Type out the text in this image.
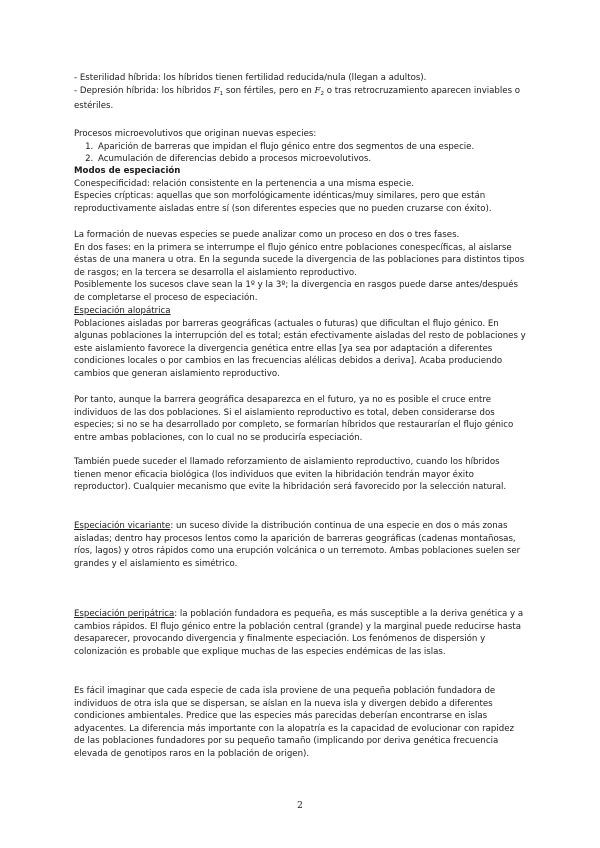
- Esterilidad híbrida: los híbridos tienen fertilidad reducida/nula (llegan a adultos).

- Depresión híbrida: los híbridos $F_1$ son fértiles, pero en $F_2$ o tras retrocruzamiento aparecen inviables o estériles.

Procesos microevolutivos que originan nuevas especies:

1. Aparición de barreras que impidan el flujo génico entre dos segmentos de una especie.
2. Acumulación de diferencias debido a procesos microevolutivos.

Modos de especiación

Conespecificidad: relación consistente en la pertenencia a una misma especie.

Especies crípticas: aquellas que son morfológicamente idénticas/muy similares, pero que están reproductivamente aisladas entre sí (son diferentes especies que no pueden cruzarse con éxito).

La formación de nuevas especies se puede analizar como un proceso en dos o tres fases.

En dos fases: en la primera se interrumpe el flujo génico entre poblaciones conespecíficas, al aislarse éstas de una manera u otra. En la segunda sucede la divergencia de las poblaciones para distintos tipos de rasgos; en la tercera se desarrolla el aislamiento reproductivo.

Posiblemente los sucesos clave sean la 1º y la 3º; la divergencia en rasgos puede darse antes/después de completarse el proceso de especiación.

Especiación alopátrica

Poblaciones aisladas por barreras geográficas (actuales o futuras) que dificultan el flujo génico. En algunas poblaciones la interrupción del es total; están efectivamente aisladas del resto de poblaciones y este aislamiento favorece la divergencia genética entre ellas [ya sea por adaptación a diferentes condiciones locales o por cambios en las frecuencias alélicas debidos a deriva]. Acaba produciendo cambios que generan aislamiento reproductivo.

Por tanto, aunque la barrera geográfica desaparezca en el futuro, ya no es posible el cruce entre individuos de las dos poblaciones. Si el aislamiento reproductivo es total, deben considerarse dos especies; si no se ha desarrollado por completo, se formarían híbridos que restaurarían el flujo génico entre ambas poblaciones, con lo cual no se produciría especiación.

También puede suceder el llamado reforzamiento de aislamiento reproductivo, cuando los híbridos tienen menor eficacia biológica (los individuos que eviten la hibridación tendrán mayor éxito reproductor). Cualquier mecanismo que evite la hibridación será favorecido por la selección natural.

Especiación vicariante: un suceso divide la distribución continua de una especie en dos o más zonas aisladas; dentro hay procesos lentos como la aparición de barreras geográficas (cadenas montañosas, ríos, lagos) y otros rápidos como una erupción volcánica o un terremoto. Ambas poblaciones suelen ser grandes y el aislamiento es simétrico.

Especiación peripátrica: la población fundadora es pequeña, es más susceptible a la deriva genética y a cambios rápidos. El flujo génico entre la población central (grande) y la marginal puede reducirse hasta desaparecer, provocando divergencia y finalmente especiación. Los fenómenos de dispersión y colonización es probable que explique muchas de las especies endémicas de las islas.

Es fácil imaginar que cada especie de cada isla proviene de una pequeña población fundadora de individuos de otra isla que se dispersan, se aíslan en la nueva isla y divergen debido a diferentes condiciones ambientales. Predice que las especies más parecidas deberían encontrarse en islas adyacentes. La diferencia más importante con la alopatría es la capacidad de evolucionar con rapidez de las poblaciones fundadores por su pequeño tamaño (implicando por deriva genética frecuencia elevada de genotipos raros en la población de origen).

2
